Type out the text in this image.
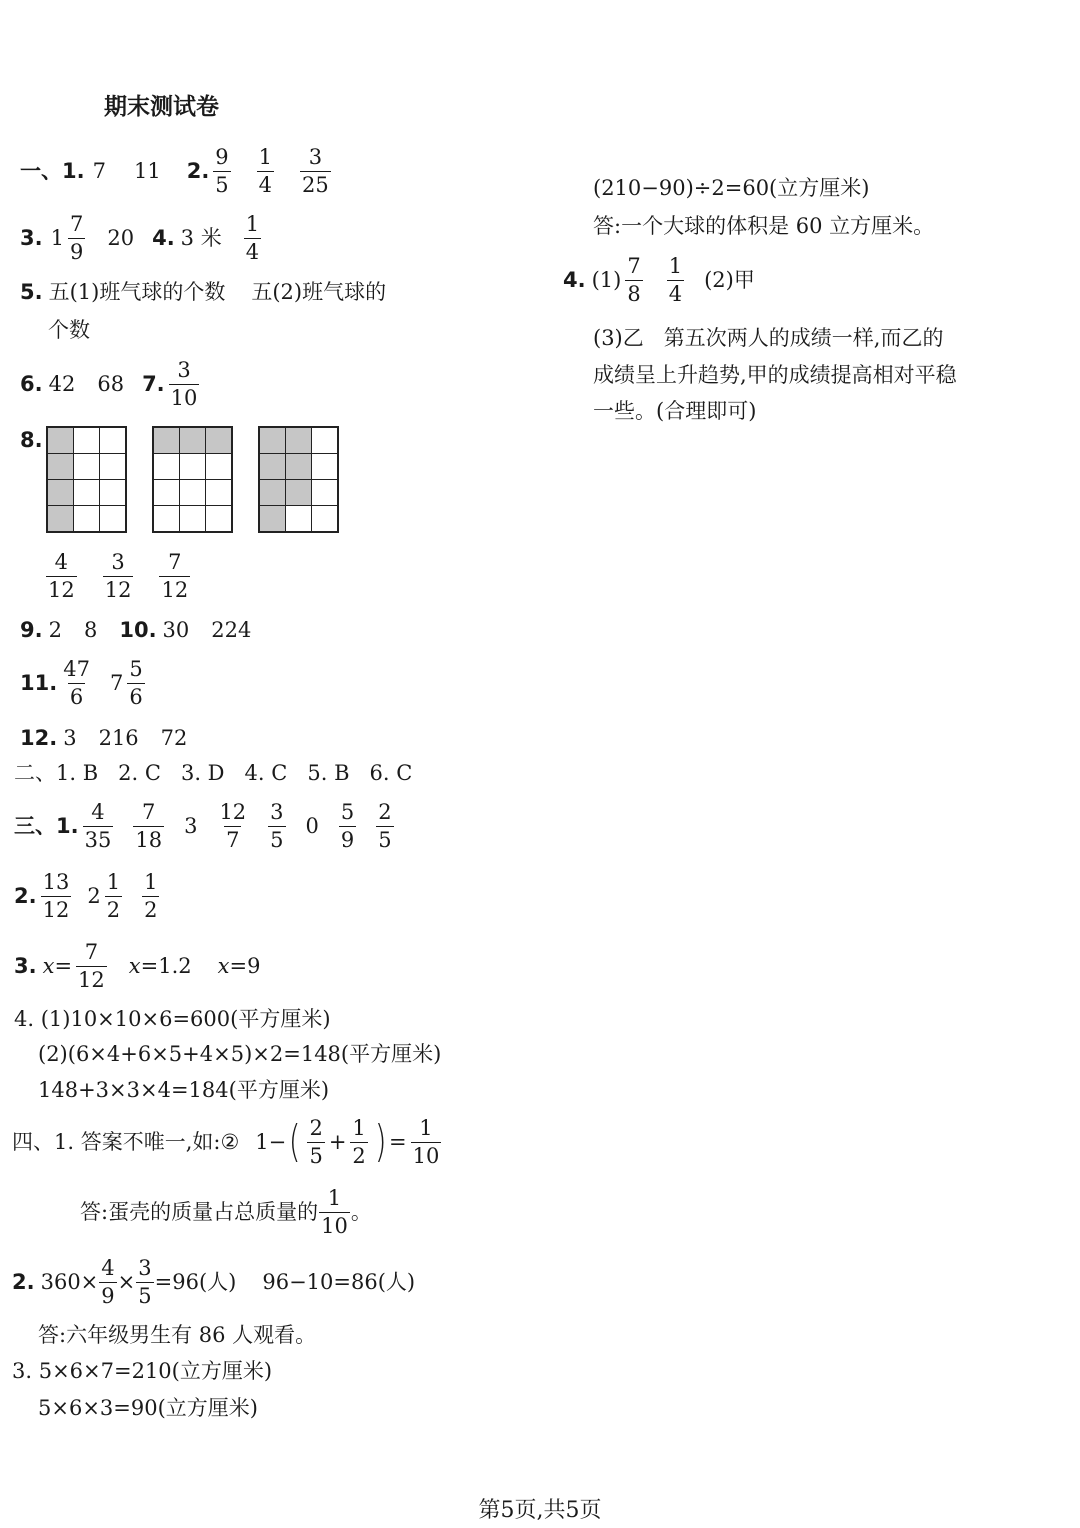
期末测试卷
一、1. 7 11 2. $\frac{9}{5} \frac{1}{4} \frac{3}{25}$
3. $1 \frac{7}{9} 20$ 4. 3 米 $\frac{1}{4}$
5. 五(1)班气球的个数 五(2)班气球的
个数
6. 42 68 7. $\frac{3}{10}$
8.

$\frac{4}{12} \frac{3}{12} \frac{7}{12}$
9. 2 8 10. 30 224
11. $\frac{47}{6} 7 \frac{5}{6}$
12. 3 216 72
二、1. B   2. C   3. D   4. C   5. B   6. C
三、1. $\frac{4}{35} \frac{7}{18} 3 \frac{12}{7} \frac{3}{5} 0 \frac{5}{9} \frac{2}{5}$
2. $\frac{13}{12} 2 \frac{1}{2} \frac{1}{2}$
3. $x = \frac{7}{12}$ x =1.2 x =9
4. (1)10×10×6=600(平方厘米)
(2)(6×4+6×5+4×5)×2=148(平方厘米)
148+3×3×4=184(平方厘米)
四、1. 答案不唯一,如: ② 1− ( $\frac{2}{5} + \frac{1}{2}$ ) = $\frac{1}{10}$
答:蛋壳的质量占总质量的 $\frac{1}{10}$ 。
2. $360\times \frac{4}{9} \times \frac{3}{5} =96$(人) 96−10=86(人)
答:六年级男生有 86 人观看。
3. 5×6×7=210(立方厘米)
5×6×3=90(立方厘米)
(210−90)÷2=60(立方厘米)
答:一个大球的体积是 60 立方厘米。
4. $(1) \frac{7}{8} \frac{1}{4} (2)$甲
(3)乙   第五次两人的成绩一样,而乙的
成绩呈上升趋势,甲的成绩提高相对平稳
一些。(合理即可)
第5页,共5页
